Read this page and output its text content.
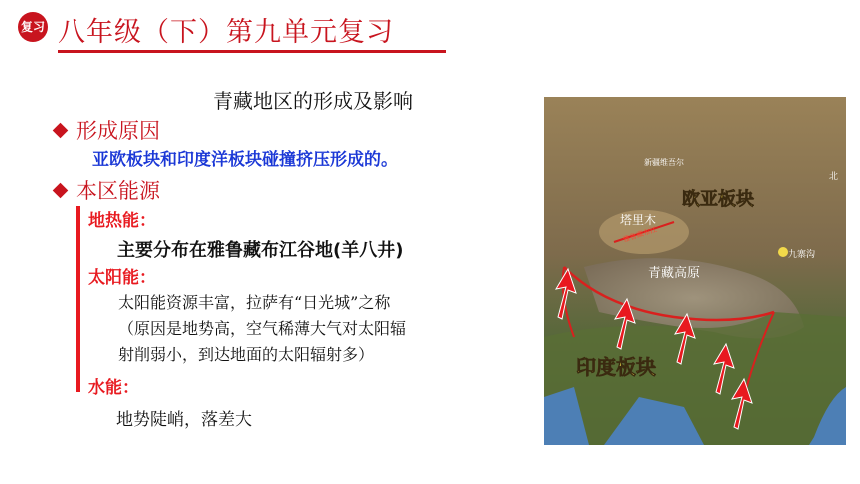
复习 八年级（下）第九单元复习
青藏地区的形成及影响
形成原因
亚欧板块和印度洋板块碰撞挤压形成的。
本区能源
地热能：
主要分布在雅鲁藏布江谷地(羊八井)
太阳能：
太阳能资源丰富，拉萨有“日光城”之称
（原因是地势高，空气稀薄大气对太阳辐
射削弱小，到达地面的太阳辐射多）
水能：
地势陡峭，落差大
欧亚板块
印度板块
青藏高原
塔里木
新疆维吾尔
九寨沟
北
雅鲁藏布江
